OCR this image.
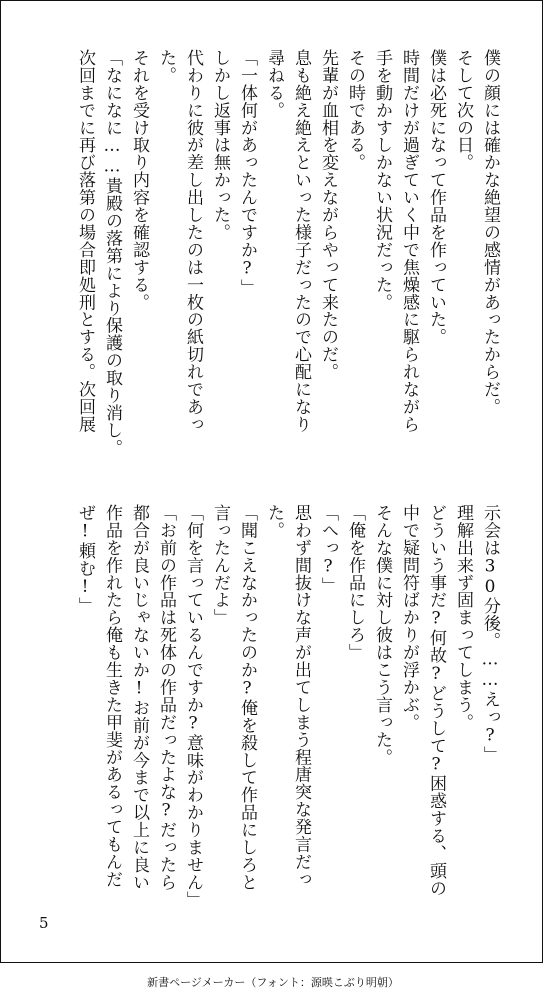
僕の顔には確かな絶望の感情があったからだ。

そして次の日。

僕は必死になって作品を作っていた。

時間だけが過ぎていく中で焦燥感に駆られながら

手を動かすしかない状況だった。

その時である。

先輩が血相を変えながらやって来たのだ。

息も絶え絶えといった様子だったので心配になり

尋ねる。

「一体何があったんですか?」

しかし返事は無かった。

代わりに彼が差し出したのは一枚の紙切れであっ

た。

それを受け取り内容を確認する。

「なになに……貴殿の落第により保護の取り消し。

次回までに再び落第の場合即処刑とする。次回展

示会は30分後。……えっ?」

理解出来ず固まってしまう。

どういう事だ?何故?どうして?困惑する、頭の

中で疑問符ばかりが浮かぶ。

そんな僕に対し彼はこう言った。

「俺を作品にしろ」

「へっ?」

思わず間抜けな声が出てしまう程唐突な発言だっ

た。

「聞こえなかったのか?俺を殺して作品にしろと

言ったんだよ」

「何を言っているんですか?意味がわかりません」

「お前の作品は死体の作品だったよな?だったら

都合が良いじゃないか!お前が今まで以上に良い

作品を作れたら俺も生きた甲斐があるってもんだ

ぜ!頼む!」

5
新書ページメーカー（フォント：源暎こぶり明朝）
